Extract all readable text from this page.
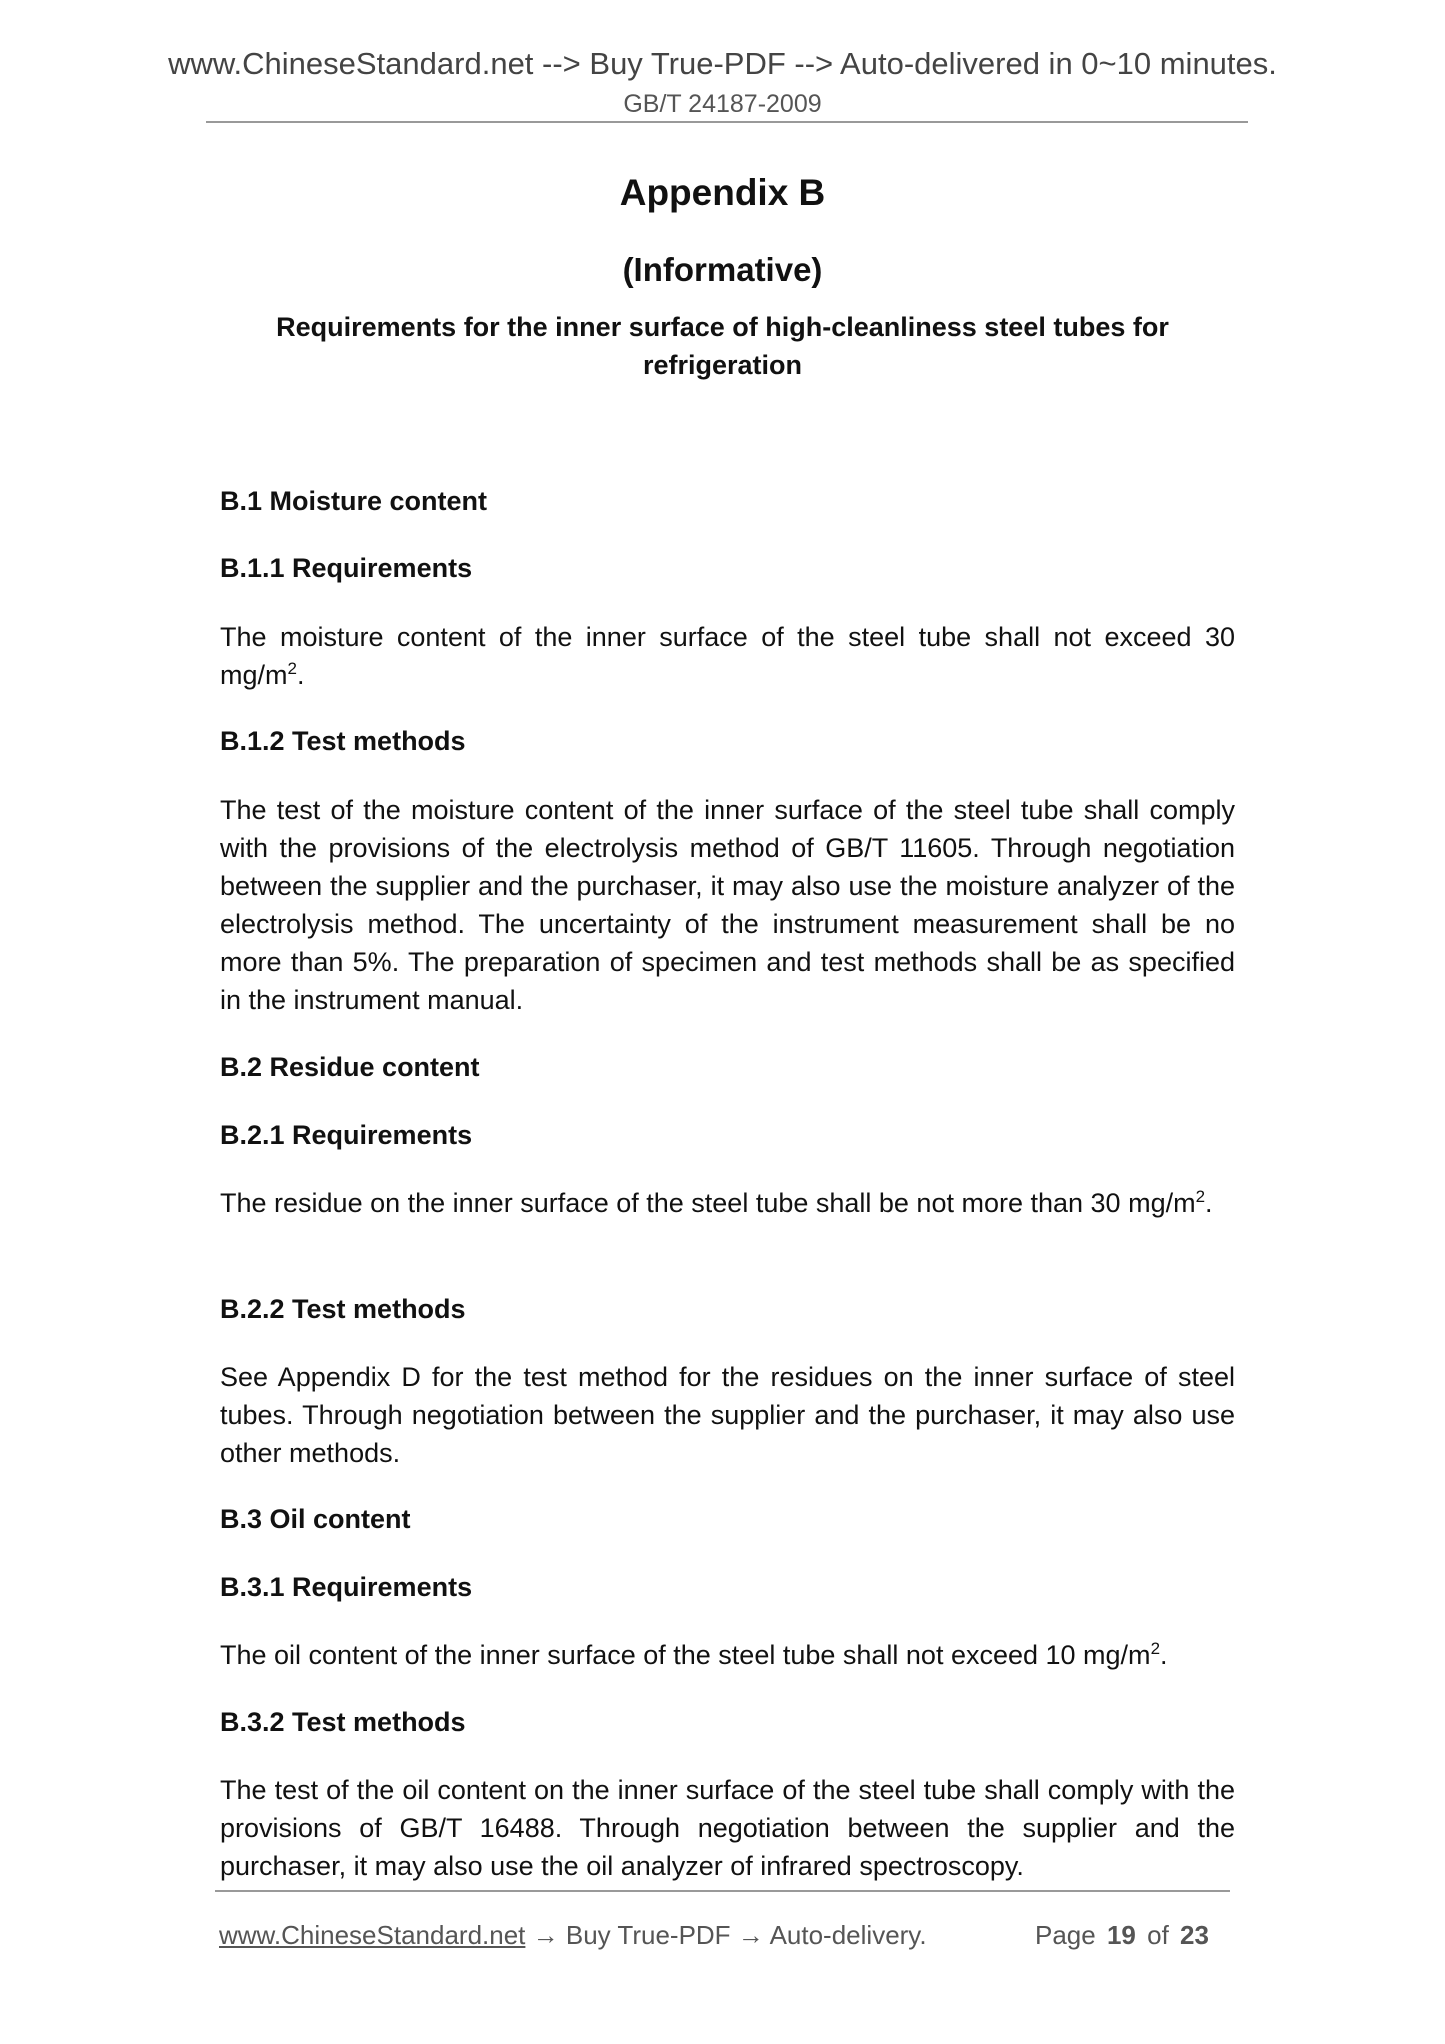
www.ChineseStandard.net --> Buy True-PDF --> Auto-delivered in 0~10 minutes.
GB/T 24187-2009
Appendix B
(Informative)
Requirements for the inner surface of high-cleanliness steel tubes for
refrigeration
B.1 Moisture content
B.1.1 Requirements
The moisture content of the inner surface of the steel tube shall not exceed 30 $mg/m^2$.
B.1.2 Test methods
The test of the moisture content of the inner surface of the steel tube shall comply with the provisions of the electrolysis method of GB/T 11605. Through negotiation between the supplier and the purchaser, it may also use the moisture analyzer of the electrolysis method. The uncertainty of the instrument measurement shall be no more than 5%. The preparation of specimen and test methods shall be as specified in the instrument manual.
B.2 Residue content
B.2.1 Requirements
The residue on the inner surface of the steel tube shall be not more than 30 $mg/m^2$.
B.2.2 Test methods
See Appendix D for the test method for the residues on the inner surface of steel tubes. Through negotiation between the supplier and the purchaser, it may also use other methods.
B.3 Oil content
B.3.1 Requirements
The oil content of the inner surface of the steel tube shall not exceed 10 $mg/m^2$.
B.3.2 Test methods
The test of the oil content on the inner surface of the steel tube shall comply with the provisions of GB/T 16488. Through negotiation between the supplier and the purchaser, it may also use the oil analyzer of infrared spectroscopy.
www.ChineseStandard.net → Buy True-PDF → Auto-delivery.	Page 19 of 23
